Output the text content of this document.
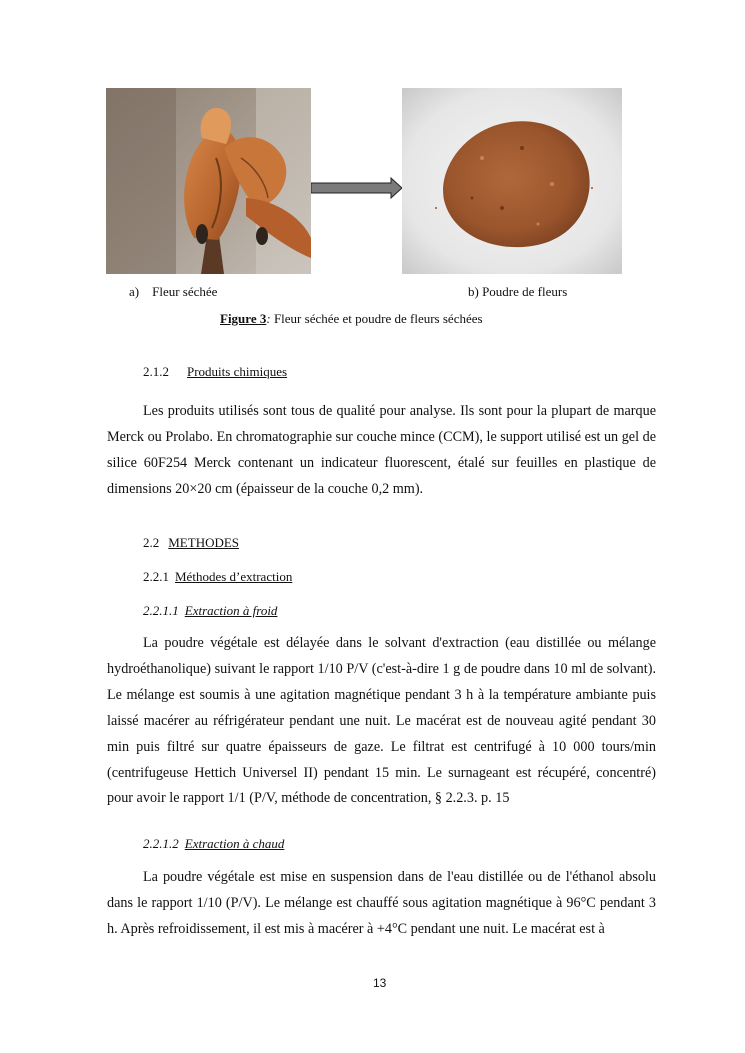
a) Fleur séchée	b) Poudre de fleurs
Figure 3: Fleur séchée et poudre de fleurs séchées
2.1.2 Produits chimiques

Les produits utilisés sont tous de qualité pour analyse. Ils sont pour la plupart de marque Merck ou Prolabo. En chromatographie sur couche mince (CCM), le support utilisé est un gel de silice 60F254 Merck contenant un indicateur fluorescent, étalé sur feuilles en plastique de dimensions 20×20 cm (épaisseur de la couche 0,2 mm).

2.2 METHODES
2.2.1 Méthodes d’extraction
2.2.1.1 Extraction à froid

La poudre végétale est délayée dans le solvant d'extraction (eau distillée ou mélange hydroéthanolique) suivant le rapport 1/10 P/V (c'est-à-dire 1 g de poudre dans 10 ml de solvant). Le mélange est soumis à une agitation magnétique pendant 3 h à la température ambiante puis laissé macérer au réfrigérateur pendant une nuit. Le macérat est de nouveau agité pendant 30 min puis filtré sur quatre épaisseurs de gaze. Le filtrat est centrifugé à 10 000 tours/min (centrifugeuse Hettich Universel II) pendant 15 min. Le surnageant est récupéré, concentré) pour avoir le rapport 1/1 (P/V, méthode de concentration, § 2.2.3. p. 15

2.2.1.2 Extraction à chaud

La poudre végétale est mise en suspension dans de l'eau distillée ou de l'éthanol absolu dans le rapport 1/10 (P/V). Le mélange est chauffé sous agitation magnétique à 96°C pendant 3 h. Après refroidissement, il est mis à macérer à +4°C pendant une nuit. Le macérat est à

13
